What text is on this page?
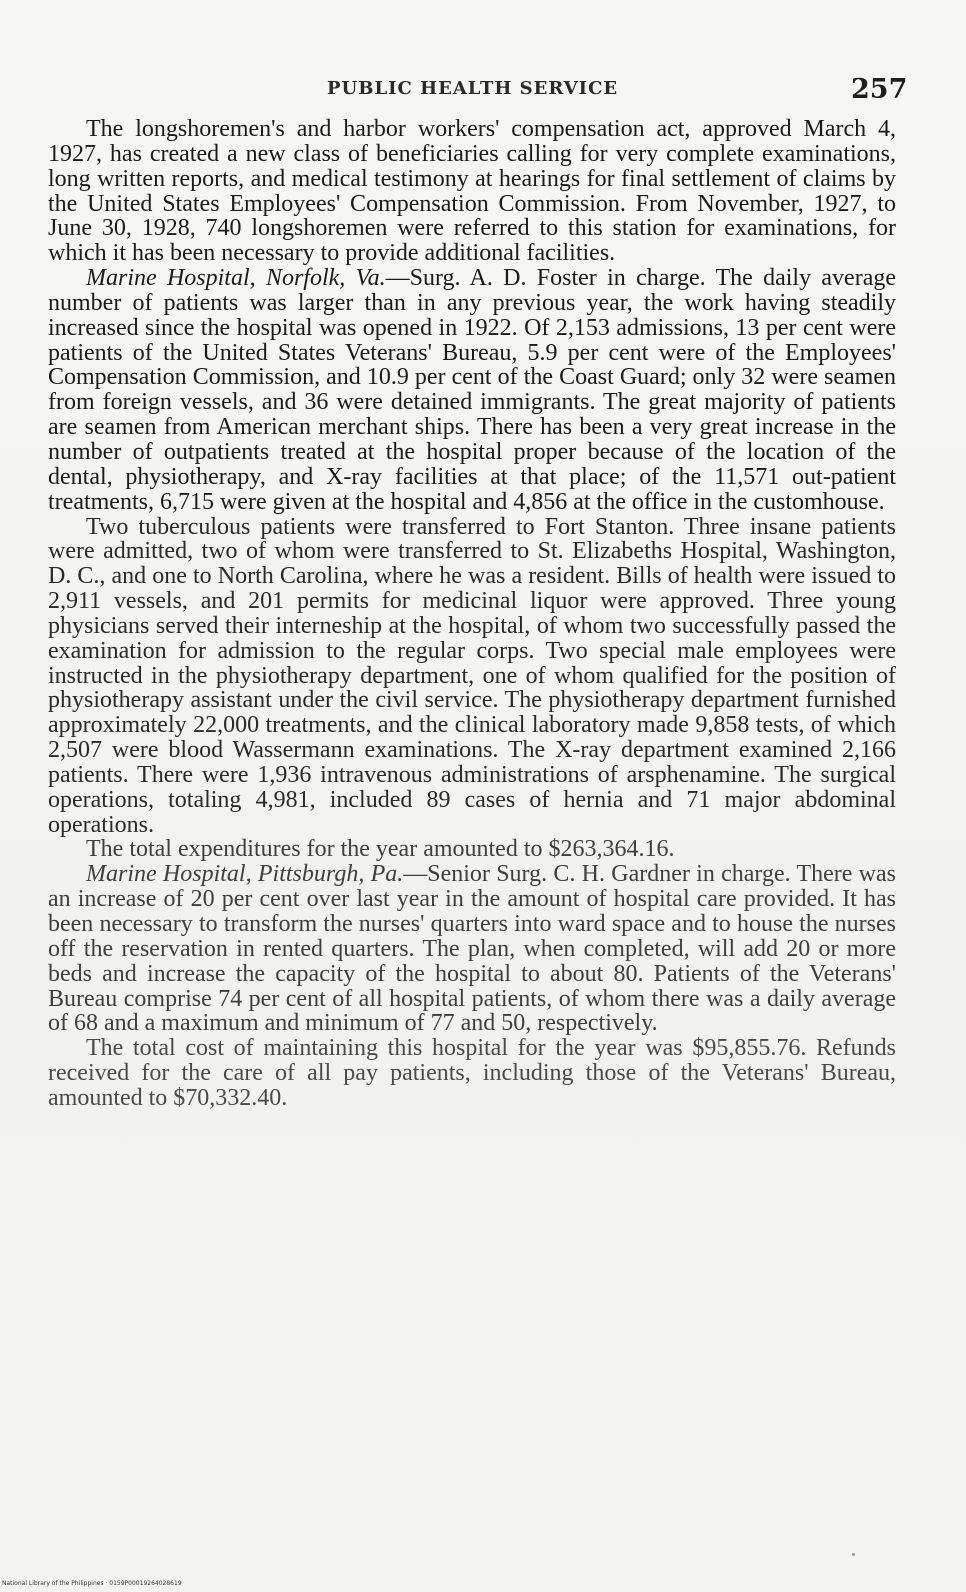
PUBLIC HEALTH SERVICE	257

The longshoremen's and harbor workers' compensation act, approved March 4, 1927, has created a new class of beneficiaries calling for very complete examinations, long written reports, and medical testimony at hearings for final settlement of claims by the United States Employees' Compensation Commission. From November, 1927, to June 30, 1928, 740 longshoremen were referred to this station for examinations, for which it has been necessary to provide additional facilities.

Marine Hospital, Norfolk, Va.—Surg. A. D. Foster in charge. The daily average number of patients was larger than in any previous year, the work having steadily increased since the hospital was opened in 1922. Of 2,153 admissions, 13 per cent were patients of the United States Veterans' Bureau, 5.9 per cent were of the Employees' Compensation Commission, and 10.9 per cent of the Coast Guard; only 32 were seamen from foreign vessels, and 36 were detained immigrants. The great majority of patients are seamen from American merchant ships. There has been a very great increase in the number of outpatients treated at the hospital proper because of the location of the dental, physiotherapy, and X-ray facilities at that place; of the 11,571 out-patient treatments, 6,715 were given at the hospital and 4,856 at the office in the customhouse.

Two tuberculous patients were transferred to Fort Stanton. Three insane patients were admitted, two of whom were transferred to St. Elizabeths Hospital, Washington, D. C., and one to North Carolina, where he was a resident. Bills of health were issued to 2,911 vessels, and 201 permits for medicinal liquor were approved. Three young physicians served their interneship at the hospital, of whom two successfully passed the examination for admission to the regular corps. Two special male employees were instructed in the physiotherapy department, one of whom qualified for the position of physiotherapy assistant under the civil service. The physiotherapy department furnished approximately 22,000 treatments, and the clinical laboratory made 9,858 tests, of which 2,507 were blood Wassermann examinations. The X-ray department examined 2,166 patients. There were 1,936 intravenous administrations of arsphenamine. The surgical operations, totaling 4,981, included 89 cases of hernia and 71 major abdominal operations.

The total expenditures for the year amounted to $263,364.16.

Marine Hospital, Pittsburgh, Pa.—Senior Surg. C. H. Gardner in charge. There was an increase of 20 per cent over last year in the amount of hospital care provided. It has been necessary to transform the nurses' quarters into ward space and to house the nurses off the reservation in rented quarters. The plan, when completed, will add 20 or more beds and increase the capacity of the hospital to about 80. Patients of the Veterans' Bureau comprise 74 per cent of all hospital patients, of whom there was a daily average of 68 and a maximum and minimum of 77 and 50, respectively.

The total cost of maintaining this hospital for the year was $95,855.76. Refunds received for the care of all pay patients, including those of the Veterans' Bureau, amounted to $70,332.40.

National Library of the Philippines · 0159P00019264028619
